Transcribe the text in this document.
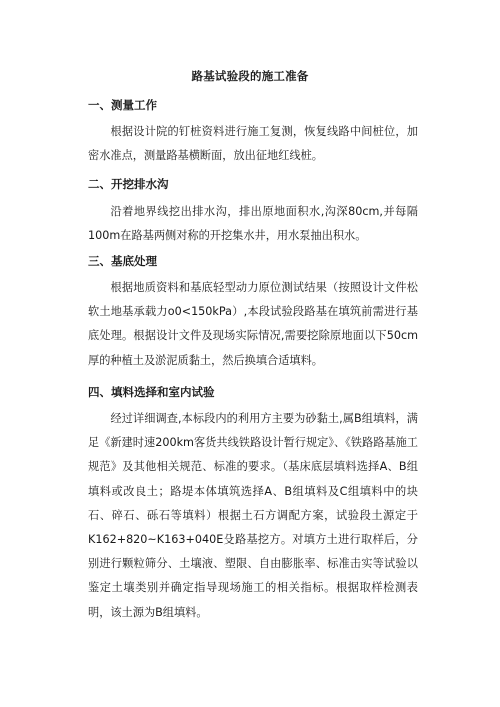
路基试验段的施工准备
一、测量工作

根据设计院的钉桩资料进行施工复测，恢复线路中间桩位，加密水准点，测量路基横断面，放出征地红线桩。

二、开挖排水沟

沿着地界线挖出排水沟，排出原地面积水,沟深80cm,并每隔100m在路基两侧对称的开挖集水井，用水泵抽出积水。

三、基底处理

根据地质资料和基底轻型动力原位测试结果（按照设计文件松软土地基承载力o0<150kPa）,本段试验段路基在填筑前需进行基底处理。根据设计文件及现场实际情况,需要挖除原地面以下50cm厚的种植土及淤泥质黏土，然后换填合适填料。

四、填料选择和室内试验

经过详细调查,本标段内的利用方主要为砂黏土,属B组填料，满足《新建时速200km客货共线铁路设计暂行规定》、《铁路路基施工规范》及其他相关规范、标准的要求。（基床底层填料选择A、B组填料或改良土；路堤本体填筑选择A、B组填料及C组填料中的块石、碎石、砾石等填料）根据土石方调配方案，试验段土源定于K162+820~K163+040E殳路基挖方。对填方土进行取样后，分别进行颗粒筛分、土壤液、塑限、自由膨胀率、标准击实等试验以鉴定土壤类别并确定指导现场施工的相关指标。根据取样检测表明，该土源为B组填料。
